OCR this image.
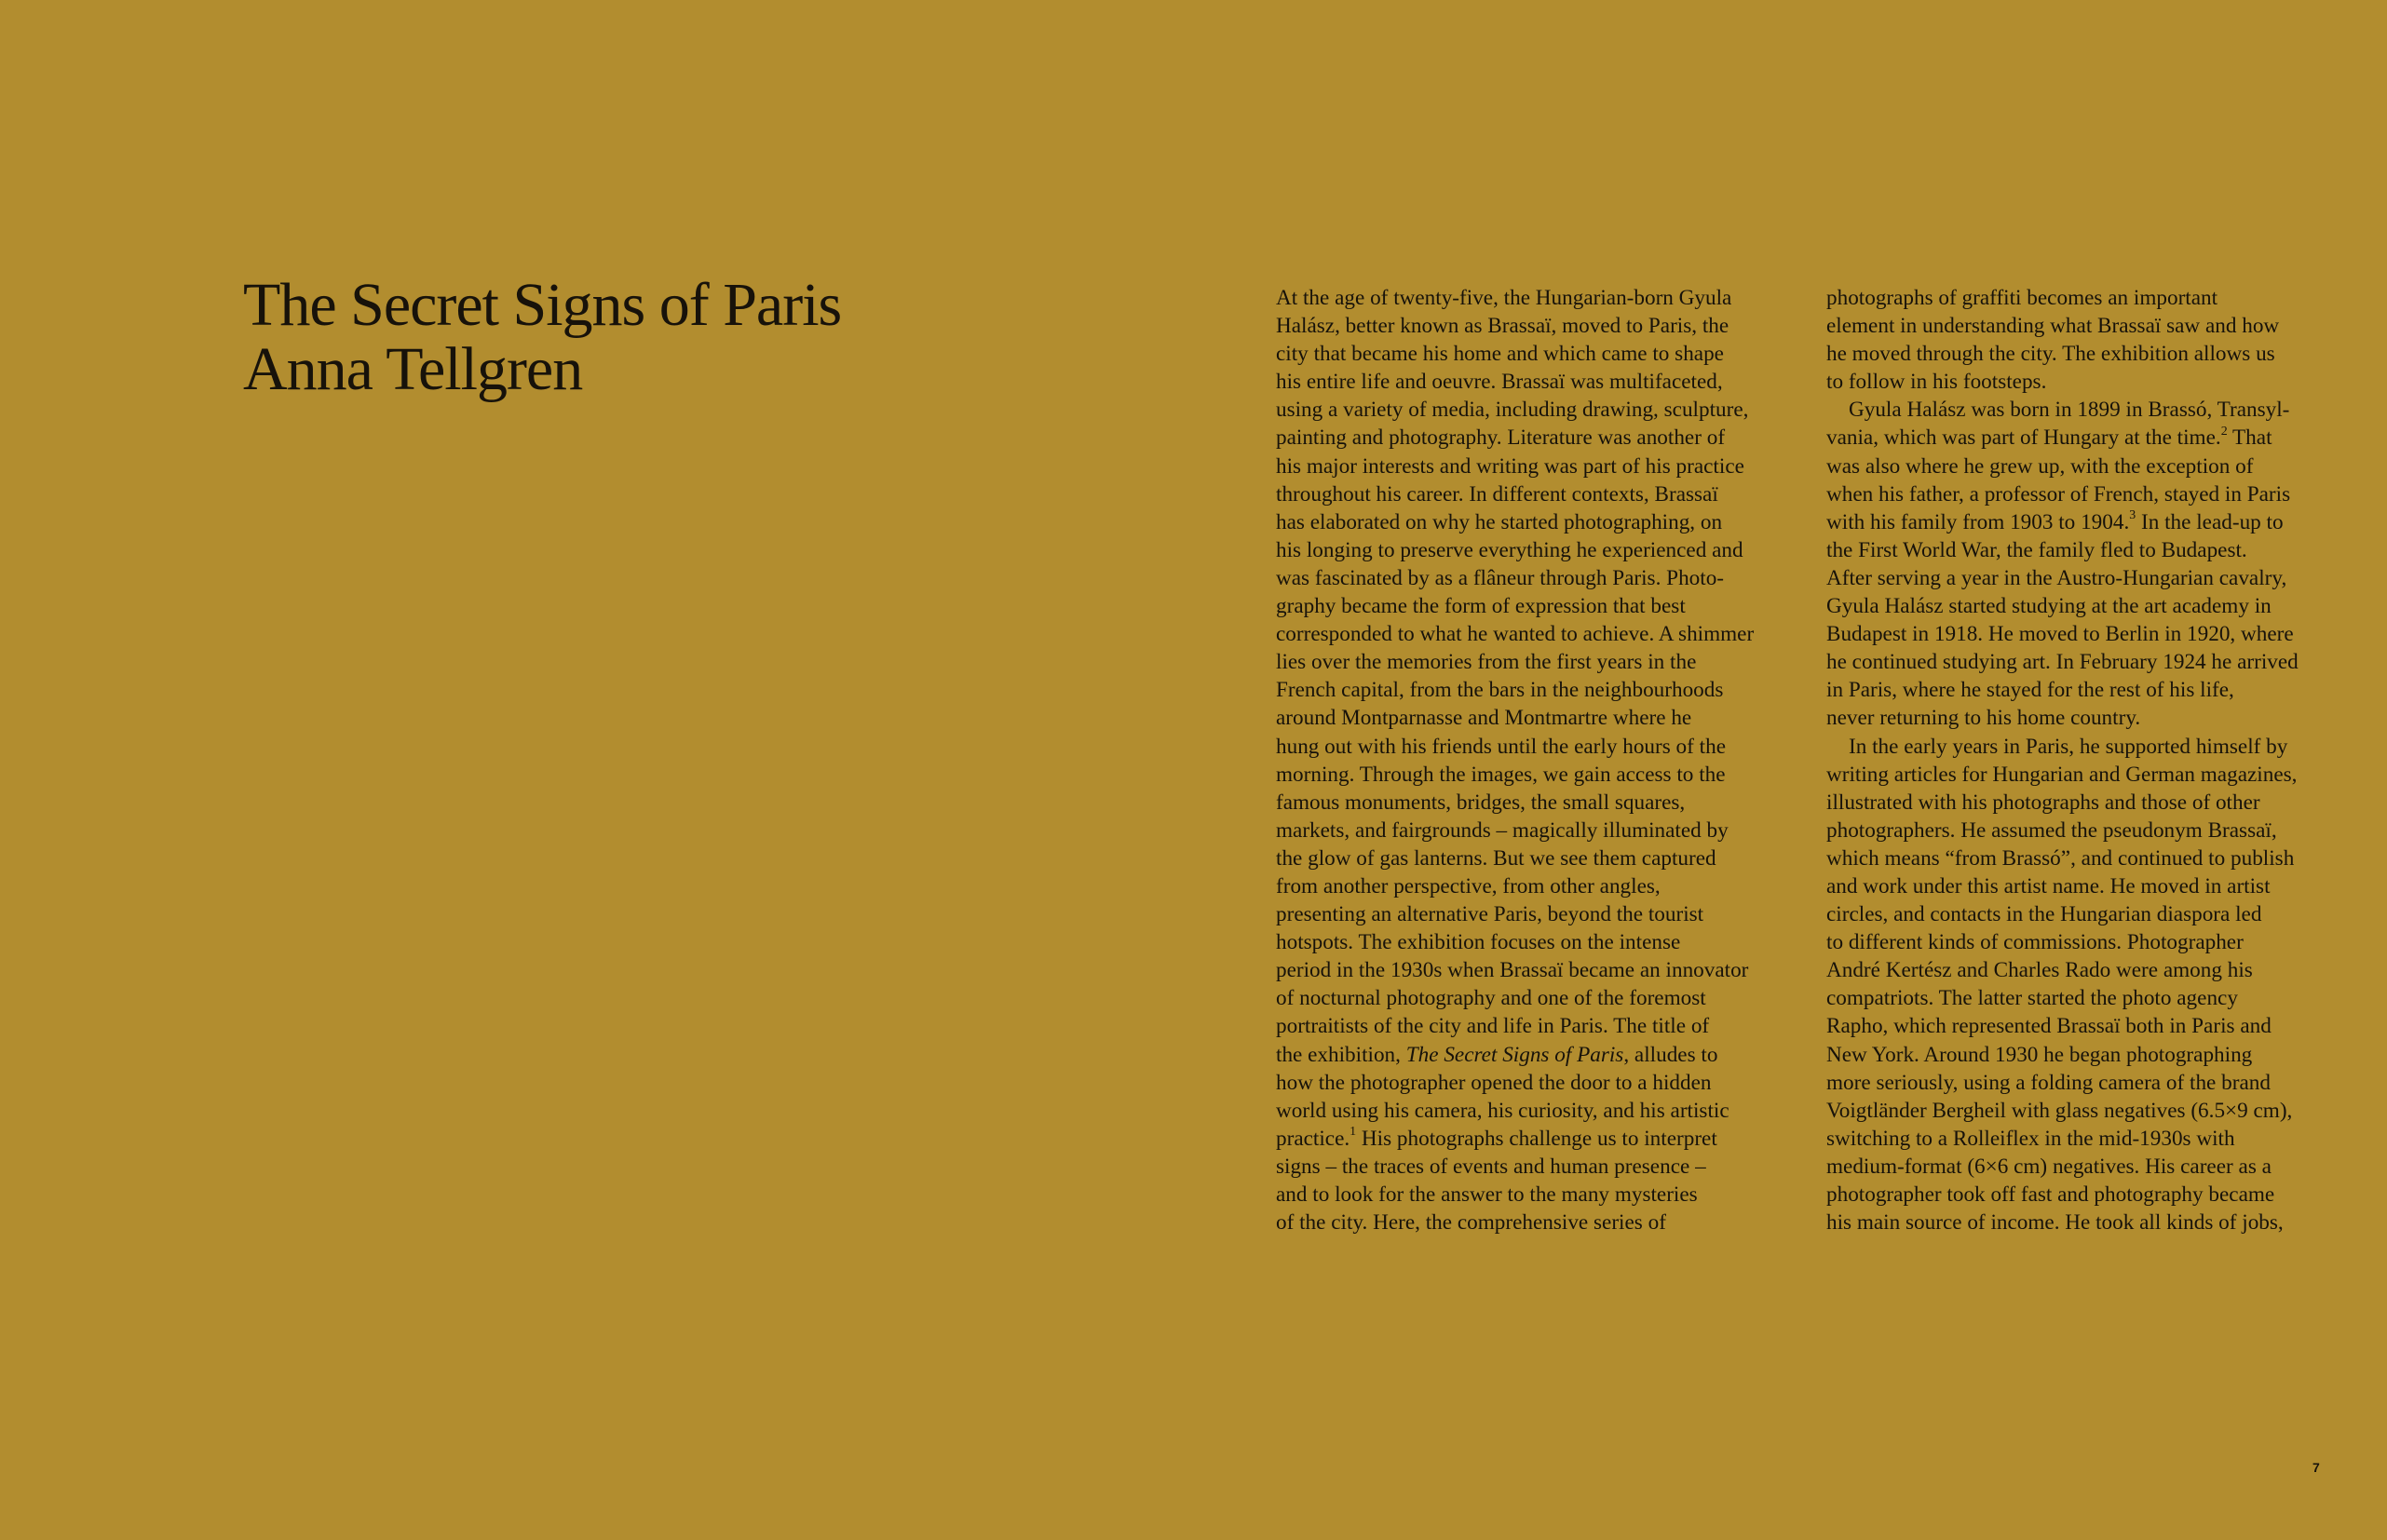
The Secret Signs of Paris
Anna Tellgren
At the age of twenty-five, the Hungarian-born Gyula
Halász, better known as Brassaï, moved to Paris, the
city that became his home and which came to shape
his entire life and oeuvre. Brassaï was multifaceted,
using a variety of media, including drawing, sculpture,
painting and photography. Literature was another of
his major interests and writing was part of his practice
throughout his career. In different contexts, Brassaï
has elaborated on why he started photographing, on
his longing to preserve everything he experienced and
was fascinated by as a flâneur through Paris. Photo-
graphy became the form of expression that best
corresponded to what he wanted to achieve. A shimmer
lies over the memories from the first years in the
French capital, from the bars in the neighbourhoods
around Montparnasse and Montmartre where he
hung out with his friends until the early hours of the
morning. Through the images, we gain access to the
famous monuments, bridges, the small squares,
markets, and fairgrounds – magically illuminated by
the glow of gas lanterns. But we see them captured
from another perspective, from other angles,
presenting an alternative Paris, beyond the tourist
hotspots. The exhibition focuses on the intense
period in the 1930s when Brassaï became an innovator
of nocturnal photography and one of the foremost
portraitists of the city and life in Paris. The title of
the exhibition, The Secret Signs of Paris, alludes to
how the photographer opened the door to a hidden
world using his camera, his curiosity, and his artistic
practice.$^1$ His photographs challenge us to interpret
signs – the traces of events and human presence –
and to look for the answer to the many mysteries
of the city. Here, the comprehensive series of
photographs of graffiti becomes an important
element in understanding what Brassaï saw and how
he moved through the city. The exhibition allows us
to follow in his footsteps.
Gyula Halász was born in 1899 in Brassó, Transyl-
vania, which was part of Hungary at the time.$^2$ That
was also where he grew up, with the exception of
when his father, a professor of French, stayed in Paris
with his family from 1903 to 1904.$^3$ In the lead-up to
the First World War, the family fled to Budapest.
After serving a year in the Austro-Hungarian cavalry,
Gyula Halász started studying at the art academy in
Budapest in 1918. He moved to Berlin in 1920, where
he continued studying art. In February 1924 he arrived
in Paris, where he stayed for the rest of his life,
never returning to his home country.
In the early years in Paris, he supported himself by
writing articles for Hungarian and German magazines,
illustrated with his photographs and those of other
photographers. He assumed the pseudonym Brassaï,
which means “from Brassó”, and continued to publish
and work under this artist name. He moved in artist
circles, and contacts in the Hungarian diaspora led
to different kinds of commissions. Photographer
André Kertész and Charles Rado were among his
compatriots. The latter started the photo agency
Rapho, which represented Brassaï both in Paris and
New York. Around 1930 he began photographing
more seriously, using a folding camera of the brand
Voigtländer Bergheil with glass negatives (6.5×9 cm),
switching to a Rolleiflex in the mid-1930s with
medium-format (6×6 cm) negatives. His career as a
photographer took off fast and photography became
his main source of income. He took all kinds of jobs,
7
